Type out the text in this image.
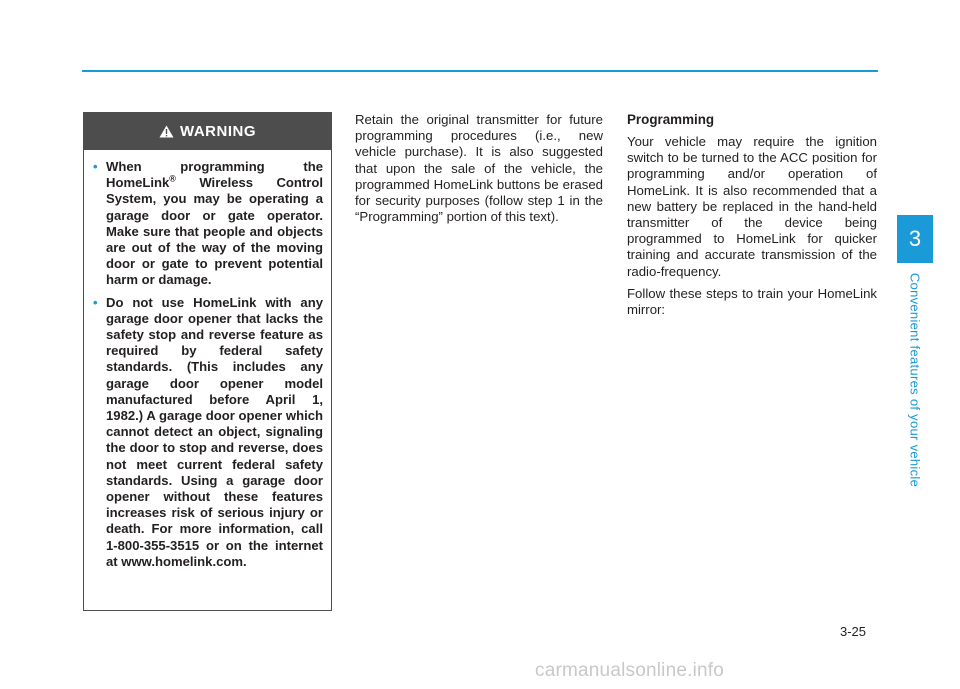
WARNING
• When programming the HomeLink® Wireless Control System, you may be operating a garage door or gate operator. Make sure that people and objects are out of the way of the moving door or gate to prevent potential harm or damage.
• Do not use HomeLink with any garage door opener that lacks the safety stop and reverse feature as required by federal safety standards. (This includes any garage door opener model manufactured before April 1, 1982.) A garage door opener which cannot detect an object, signaling the door to stop and reverse, does not meet current federal safety standards. Using a garage door opener without these features increases risk of serious injury or death. For more information, call 1-800-355-3515 or on the internet at www.homelink.com.

Retain the original transmitter for future programming procedures (i.e., new vehicle purchase). It is also suggested that upon the sale of the vehicle, the programmed HomeLink buttons be erased for security purposes (follow step 1 in the “Programming” portion of this text).

Programming

Your vehicle may require the ignition switch to be turned to the ACC position for programming and/or operation of HomeLink. It is also recommended that a new battery be replaced in the hand-held transmitter of the device being programmed to HomeLink for quicker training and accurate transmission of the radio-frequency.

Follow these steps to train your HomeLink mirror:

3
Convenient features of your vehicle
3-25
carmanualsonline.info
